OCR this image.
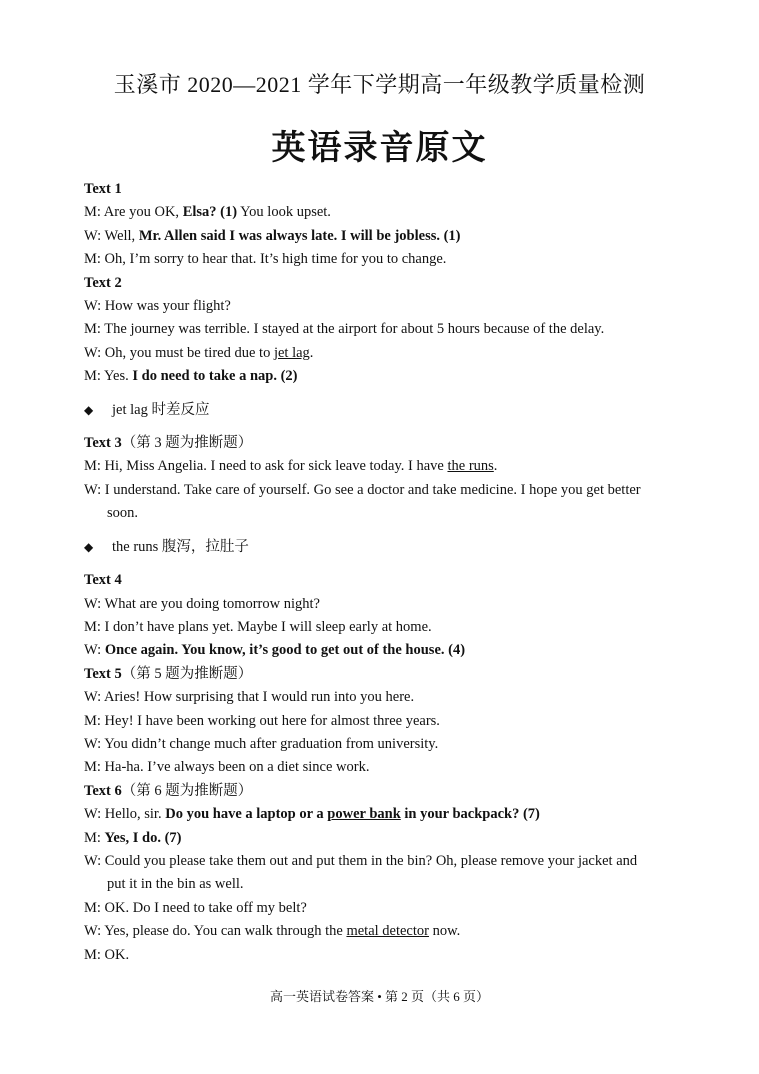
玉溪市 2020—2021 学年下学期高一年级教学质量检测
英语录音原文
Text 1
M: Are you OK, Elsa? (1) You look upset.
W: Well, Mr. Allen said I was always late. I will be jobless. (1)
M: Oh, I’m sorry to hear that. It’s high time for you to change.
Text 2
W: How was your flight?
M: The journey was terrible. I stayed at the airport for about 5 hours because of the delay.
W: Oh, you must be tired due to jet lag.
M: Yes. I do need to take a nap. (2)
◆ jet lag 时差反应
Text 3（第 3 题为推断题）
M: Hi, Miss Angelia. I need to ask for sick leave today. I have the runs.
W: I understand. Take care of yourself. Go see a doctor and take medicine. I hope you get better
soon.
◆ the runs 腹泻，拉肚子
Text 4
W: What are you doing tomorrow night?
M: I don’t have plans yet. Maybe I will sleep early at home.
W: Once again. You know, it’s good to get out of the house. (4)
Text 5（第 5 题为推断题）
W: Aries! How surprising that I would run into you here.
M: Hey! I have been working out here for almost three years.
W: You didn’t change much after graduation from university.
M: Ha-ha. I’ve always been on a diet since work.
Text 6（第 6 题为推断题）
W: Hello, sir. Do you have a laptop or a power bank in your backpack? (7)
M: Yes, I do. (7)
W: Could you please take them out and put them in the bin? Oh, please remove your jacket and
put it in the bin as well.
M: OK. Do I need to take off my belt?
W: Yes, please do. You can walk through the metal detector now.
M: OK.
高一英语试卷答案 • 第 2 页（共 6 页）
